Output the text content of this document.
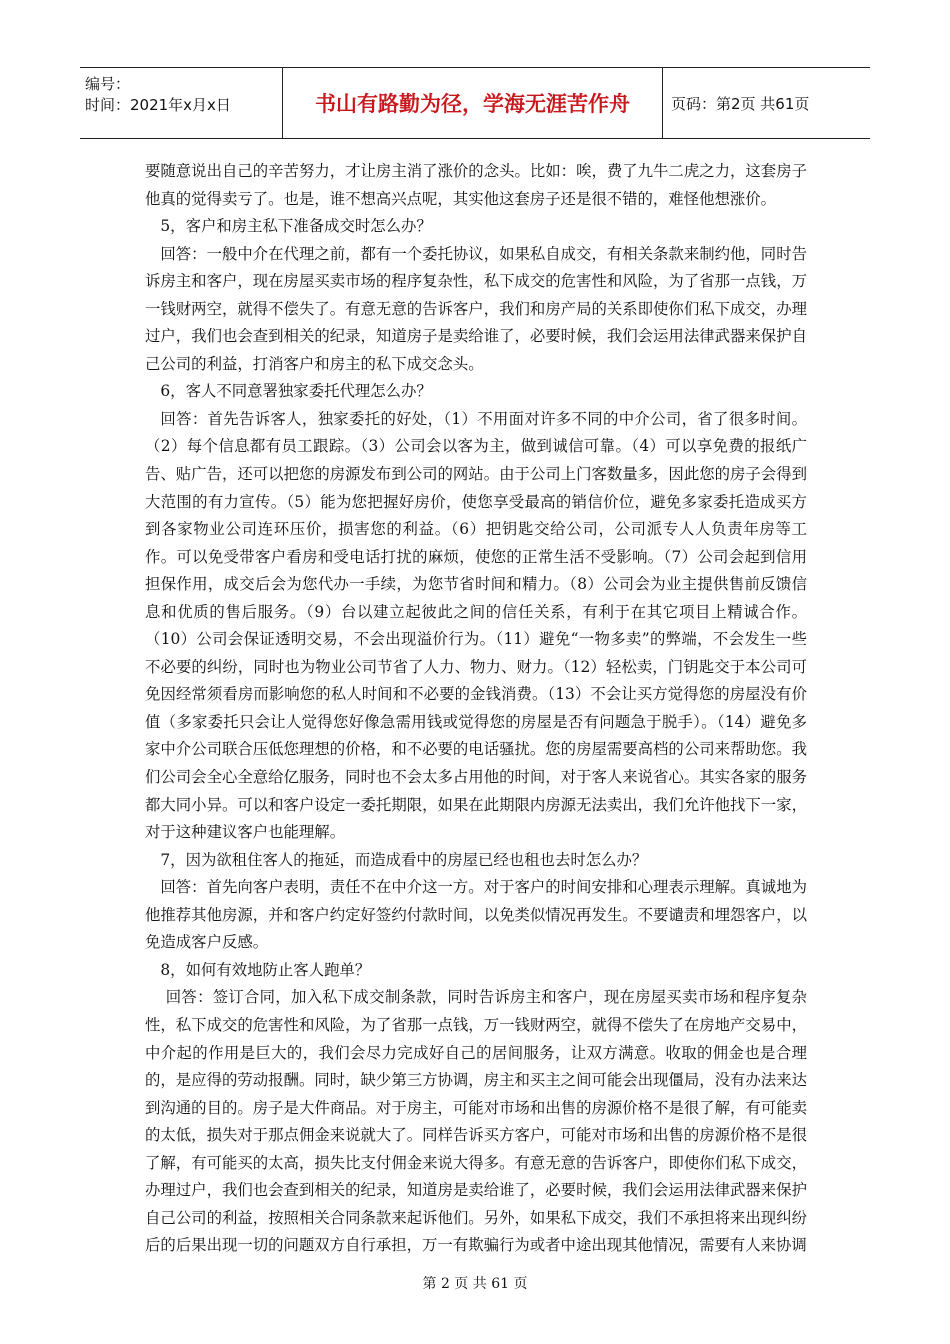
编号：
时间：2021年x月x日	书山有路勤为径，学海无涯苦作舟	页码：第2页 共61页

要随意说出自己的辛苦努力，才让房主消了涨价的念头。比如：唉，费了九牛二虎之力，这套房子他真的觉得卖亏了。也是，谁不想高兴点呢，其实他这套房子还是很不错的，难怪他想涨价。

5，客户和房主私下准备成交时怎么办？

回答：一般中介在代理之前，都有一个委托协议，如果私自成交，有相关条款来制约他，同时告诉房主和客户，现在房屋买卖市场的程序复杂性，私下成交的危害性和风险，为了省那一点钱，万一钱财两空，就得不偿失了。有意无意的告诉客户，我们和房产局的关系即使你们私下成交，办理过户，我们也会查到相关的纪录，知道房子是卖给谁了，必要时候，我们会运用法律武器来保护自己公司的利益，打消客户和房主的私下成交念头。

6，客人不同意署独家委托代理怎么办？

回答：首先告诉客人，独家委托的好处，（1）不用面对许多不同的中介公司，省了很多时间。（2）每个信息都有员工跟踪。（3）公司会以客为主，做到诚信可靠。（4）可以享免费的报纸广告、贴广告，还可以把您的房源发布到公司的网站。由于公司上门客数量多，因此您的房子会得到大范围的有力宣传。（5）能为您把握好房价，使您享受最高的销信价位，避免多家委托造成买方到各家物业公司连环压价，损害您的利益。（6）把钥匙交给公司，公司派专人人负责年房等工作。可以免受带客户看房和受电话打扰的麻烦，使您的正常生活不受影响。（7）公司会起到信用担保作用，成交后会为您代办一手续，为您节省时间和精力。（8）公司会为业主提供售前反馈信息和优质的售后服务。（9）台以建立起彼此之间的信任关系，有利于在其它项目上精诚合作。（10）公司会保证透明交易，不会出现溢价行为。（11）避免“一物多卖”的弊端，不会发生一些不必要的纠纷，同时也为物业公司节省了人力、物力、财力。（12）轻松卖，门钥匙交于本公司可免因经常须看房而影响您的私人时间和不必要的金钱消费。（13）不会让买方觉得您的房屋没有价值（多家委托只会让人觉得您好像急需用钱或觉得您的房屋是否有问题急于脱手）。（14）避免多家中介公司联合压低您理想的价格，和不必要的电话骚扰。您的房屋需要高档的公司来帮助您。我们公司会全心全意给亿服务，同时也不会太多占用他的时间，对于客人来说省心。其实各家的服务都大同小异。可以和客户设定一委托期限，如果在此期限内房源无法卖出，我们允许他找下一家，对于这种建议客户也能理解。

7，因为欲租住客人的拖延，而造成看中的房屋已经也租也去时怎么办？

回答：首先向客户表明，责任不在中介这一方。对于客户的时间安排和心理表示理解。真诚地为他推荐其他房源，并和客户约定好签约付款时间，以免类似情况再发生。不要谴责和埋怨客户，以免造成客户反感。

8，如何有效地防止客人跑单？

回答：签订合同，加入私下成交制条款，同时告诉房主和客户，现在房屋买卖市场和程序复杂性，私下成交的危害性和风险，为了省那一点钱，万一钱财两空，就得不偿失了在房地产交易中，中介起的作用是巨大的，我们会尽力完成好自己的居间服务，让双方满意。收取的佣金也是合理的，是应得的劳动报酬。同时，缺少第三方协调，房主和买主之间可能会出现僵局，没有办法来达到沟通的目的。房子是大件商品。对于房主，可能对市场和出售的房源价格不是很了解，有可能卖的太低，损失对于那点佣金来说就大了。同样告诉买方客户，可能对市场和出售的房源价格不是很了解，有可能买的太高，损失比支付佣金来说大得多。有意无意的告诉客户，即使你们私下成交，办理过户，我们也会查到相关的纪录，知道房是卖给谁了，必要时候，我们会运用法律武器来保护自己公司的利益，按照相关合同条款来起诉他们。另外，如果私下成交，我们不承担将来出现纠纷后的后果出现一切的问题双方自行承担，万一有欺骗行为或者中途出现其他情况，需要有人来协调

第 2 页 共 61 页
